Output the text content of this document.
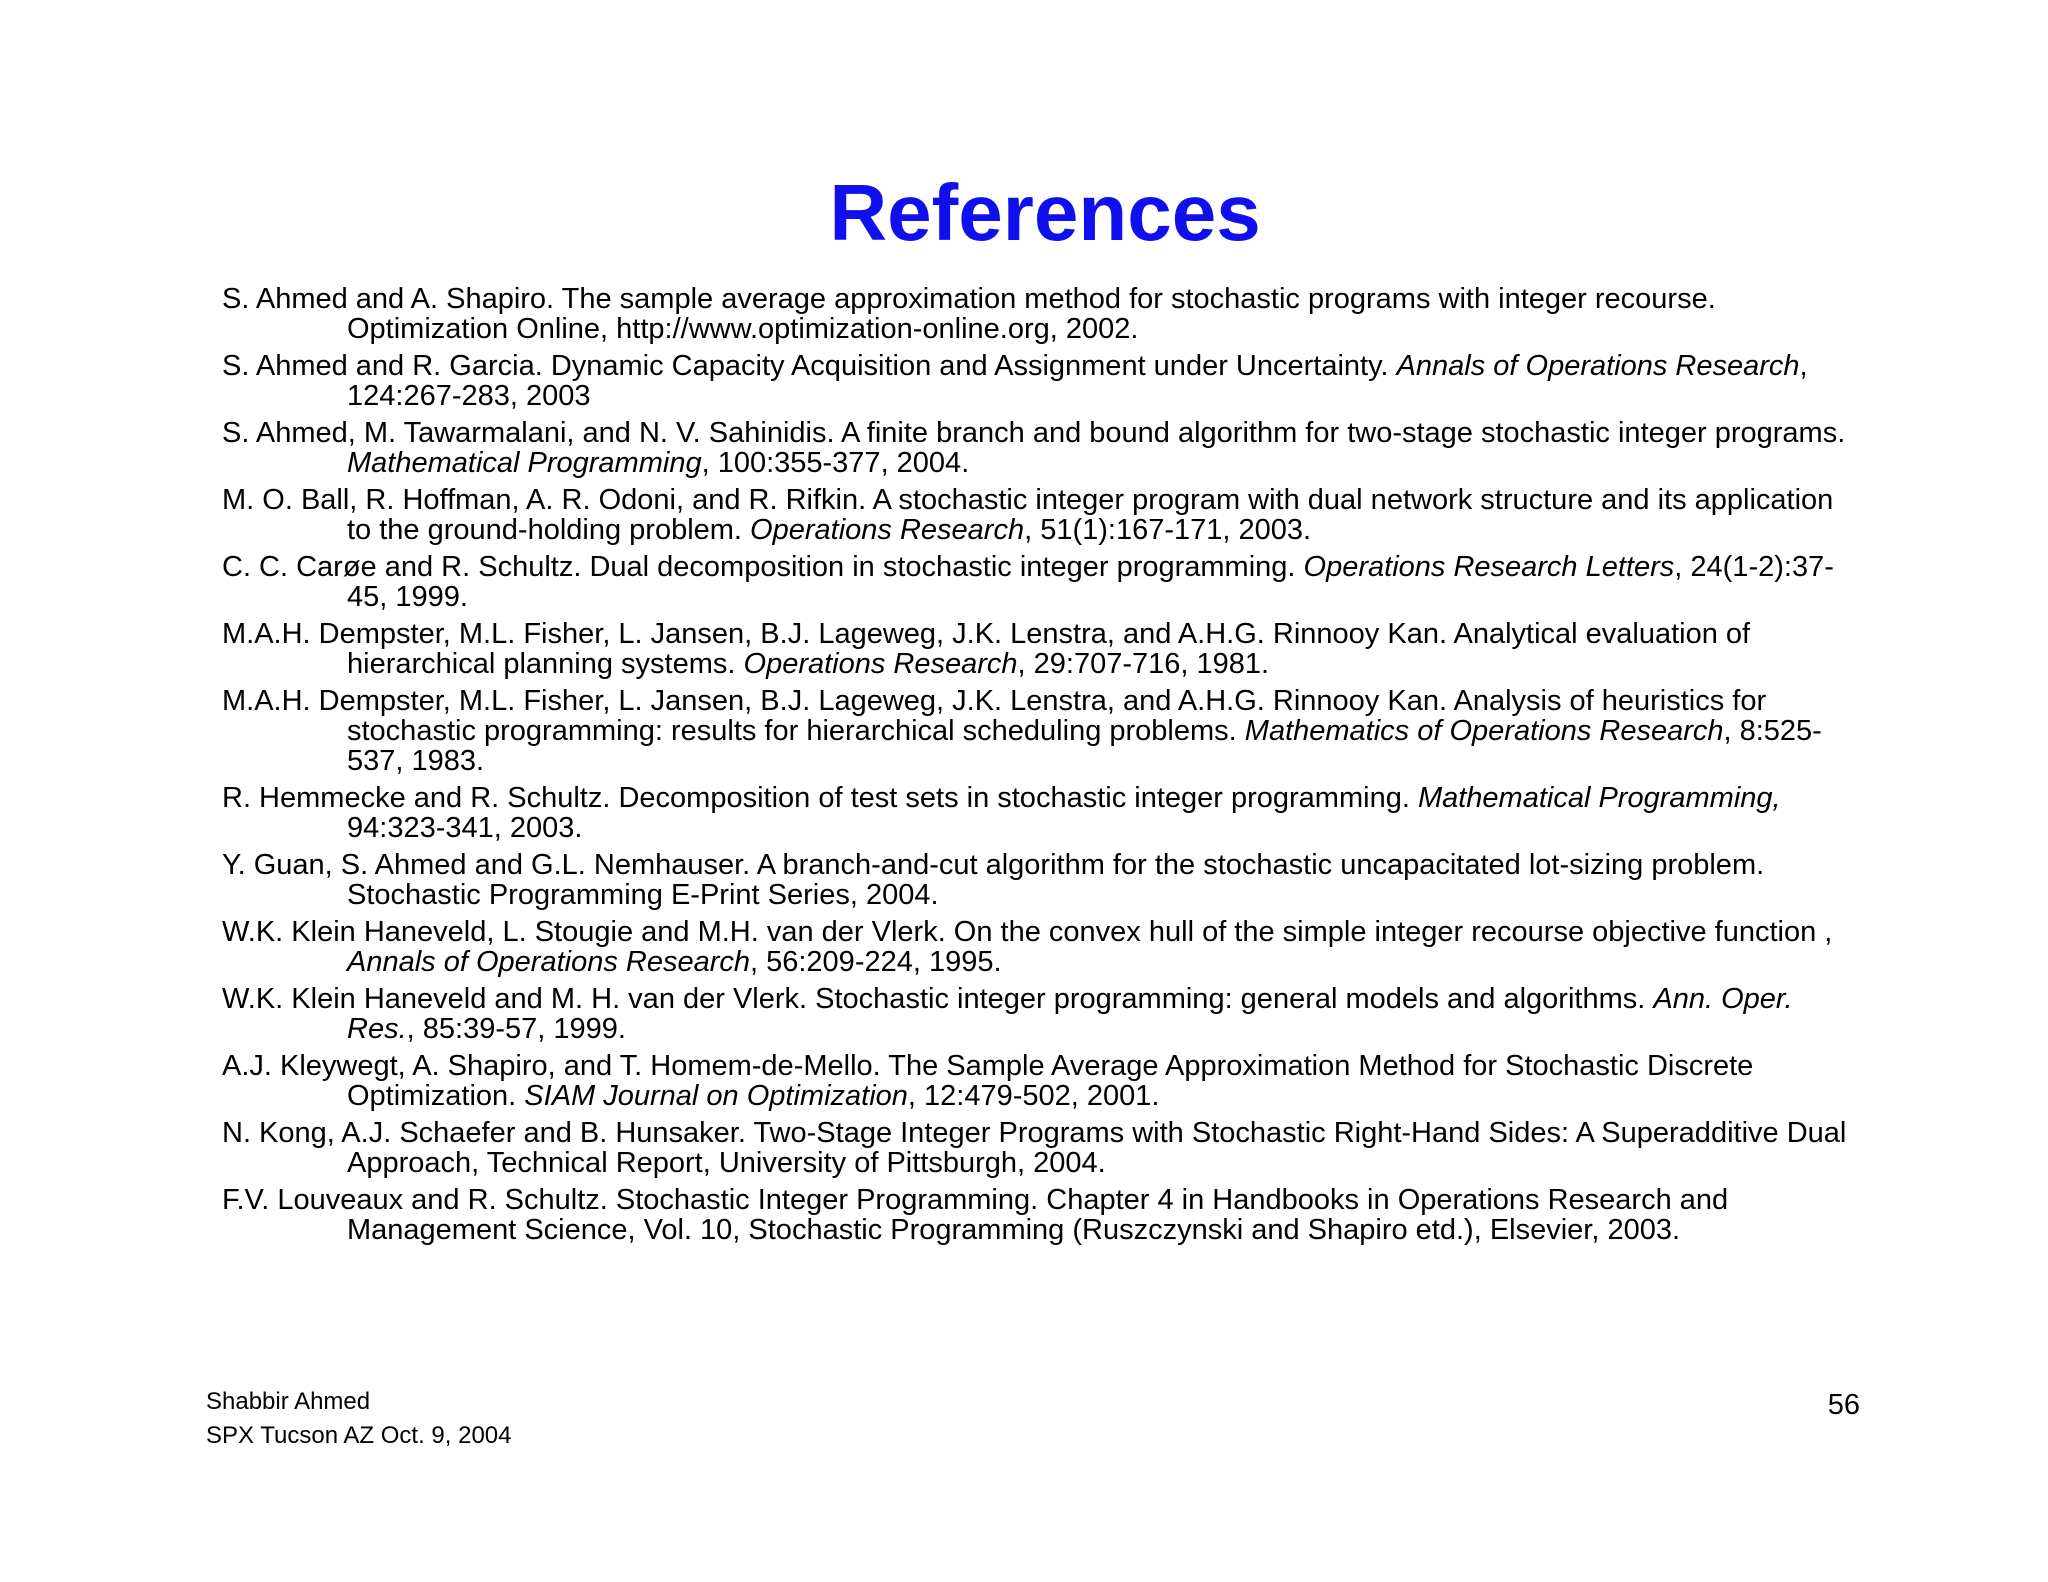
References
S. Ahmed and A. Shapiro. The sample average approximation method for stochastic programs with integer recourse. Optimization Online, http://www.optimization-online.org, 2002.
S. Ahmed and R. Garcia. Dynamic Capacity Acquisition and Assignment under Uncertainty. Annals of Operations Research, 124:267-283, 2003
S. Ahmed, M. Tawarmalani, and N. V. Sahinidis. A finite branch and bound algorithm for two-stage stochastic integer programs. Mathematical Programming, 100:355-377, 2004.
M. O. Ball, R. Hoffman, A. R. Odoni, and R. Rifkin. A stochastic integer program with dual network structure and its application to the ground-holding problem. Operations Research, 51(1):167-171, 2003.
C. C. Carøe and R. Schultz. Dual decomposition in stochastic integer programming. Operations Research Letters, 24(1-2):37-45, 1999.
M.A.H. Dempster, M.L. Fisher, L. Jansen, B.J. Lageweg, J.K. Lenstra, and A.H.G. Rinnooy Kan. Analytical evaluation of hierarchical planning systems. Operations Research, 29:707-716, 1981.
M.A.H. Dempster, M.L. Fisher, L. Jansen, B.J. Lageweg, J.K. Lenstra, and A.H.G. Rinnooy Kan. Analysis of heuristics for stochastic programming: results for hierarchical scheduling problems. Mathematics of Operations Research, 8:525-537, 1983.
R. Hemmecke and R. Schultz. Decomposition of test sets in stochastic integer programming. Mathematical Programming, 94:323-341, 2003.
Y. Guan, S. Ahmed and G.L. Nemhauser. A branch-and-cut algorithm for the stochastic uncapacitated lot-sizing problem. Stochastic Programming E-Print Series, 2004.
W.K. Klein Haneveld, L. Stougie and M.H. van der Vlerk. On the convex hull of the simple integer recourse objective function , Annals of Operations Research, 56:209-224, 1995.
W.K. Klein Haneveld and M. H. van der Vlerk. Stochastic integer programming: general models and algorithms. Ann. Oper. Res., 85:39-57, 1999.
A.J. Kleywegt, A. Shapiro, and T. Homem-de-Mello. The Sample Average Approximation Method for Stochastic Discrete Optimization. SIAM Journal on Optimization, 12:479-502, 2001.
N. Kong, A.J. Schaefer and B. Hunsaker. Two-Stage Integer Programs with Stochastic Right-Hand Sides: A Superadditive Dual Approach, Technical Report, University of Pittsburgh, 2004.
F.V. Louveaux and R. Schultz. Stochastic Integer Programming. Chapter 4 in Handbooks in Operations Research and Management Science, Vol. 10, Stochastic Programming (Ruszczynski and Shapiro etd.), Elsevier, 2003.
Shabbir Ahmed
SPX Tucson AZ Oct. 9, 2004
56
